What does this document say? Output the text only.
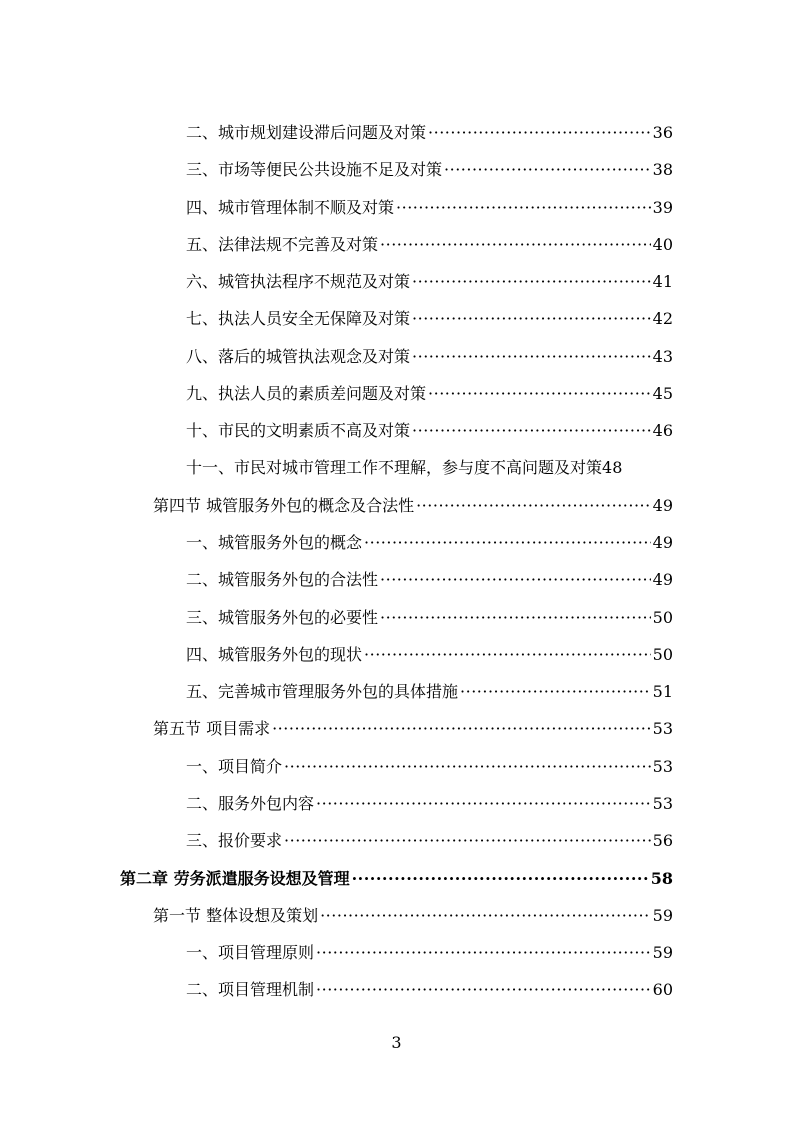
二、城市规划建设滞后问题及对策 ·····	36
三、市场等便民公共设施不足及对策 ·····	38
四、城市管理体制不顺及对策 ·····	39
五、法律法规不完善及对策 ·····	40
六、城管执法程序不规范及对策 ·····	41
七、执法人员安全无保障及对策 ·····	42
八、落后的城管执法观念及对策 ·····	43
九、执法人员的素质差问题及对策 ·····	45
十、市民的文明素质不高及对策 ·····	46
十一、市民对城市管理工作不理解，参与度不高问题及对策 48
第四节 城管服务外包的概念及合法性 ·····	49
一、城管服务外包的概念 ·····	49
二、城管服务外包的合法性 ·····	49
三、城管服务外包的必要性 ·····	50
四、城管服务外包的现状 ·····	50
五、完善城市管理服务外包的具体措施 ·····	51
第五节 项目需求 ·····	53
一、项目简介 ·····	53
二、服务外包内容 ·····	53
三、报价要求 ·····	56
第二章 劳务派遣服务设想及管理 ·····	58
第一节 整体设想及策划 ·····	59
一、项目管理原则 ·····	59
二、项目管理机制 ·····	60
3
